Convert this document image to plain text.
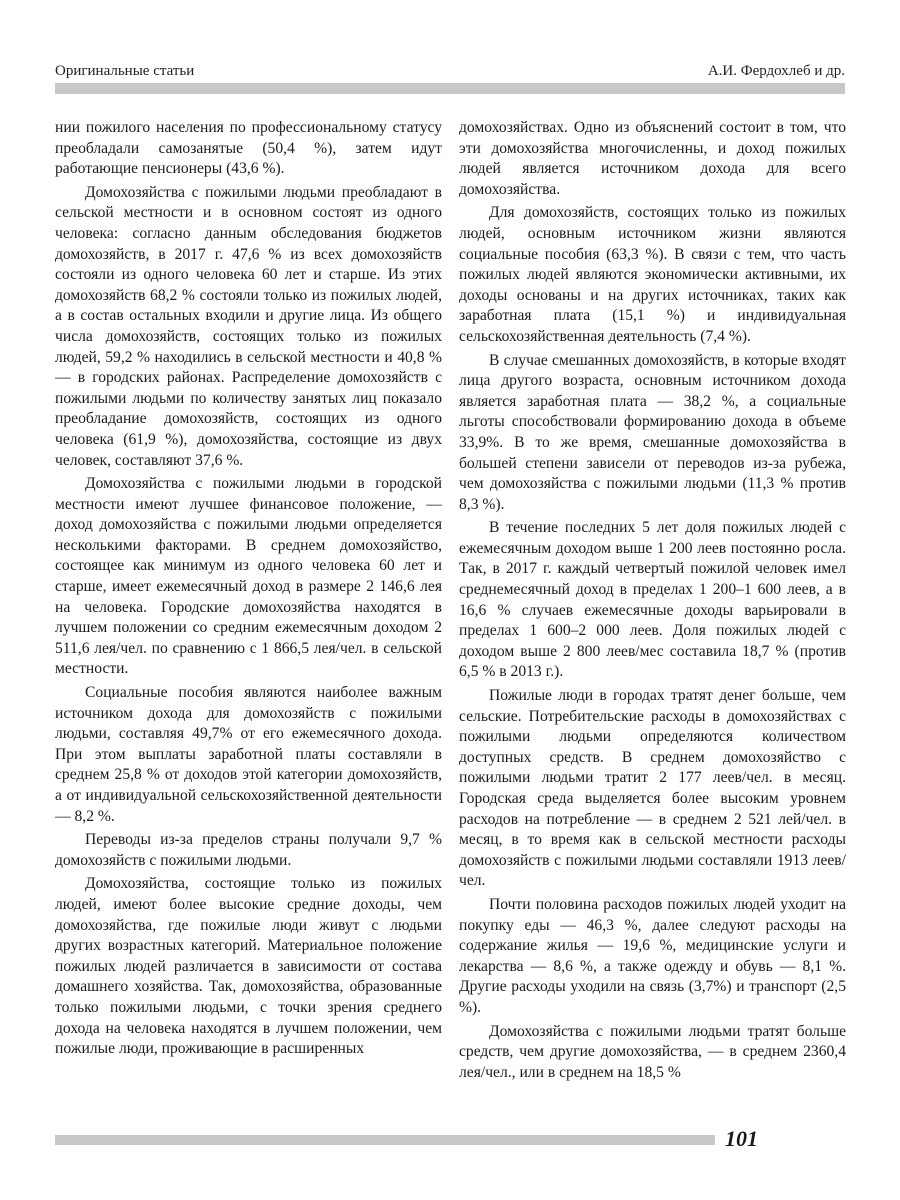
Оригинальные статьи	А.И. Фердохлеб и др.

нии пожилого населения по профессиональному статусу преобладали самозанятые (50,4 %), затем идут работающие пенсионеры (43,6 %).

Домохозяйства с пожилыми людьми преобладают в сельской местности и в основном состоят из одного человека: согласно данным обследования бюджетов домохозяйств, в 2017 г. 47,6 % из всех домохозяйств состояли из одного человека 60 лет и старше. Из этих домохозяйств 68,2 % состояли только из пожилых людей, а в состав остальных входили и другие лица. Из общего числа домохозяйств, состоящих только из пожилых людей, 59,2 % находились в сельской местности и 40,8 % — в городских районах. Распределение домохозяйств с пожилыми людьми по количеству занятых лиц показало преобладание домохозяйств, состоящих из одного человека (61,9 %), домохозяйства, состоящие из двух человек, составляют 37,6 %.

Домохозяйства с пожилыми людьми в городской местности имеют лучшее финансовое положение, — доход домохозяйства с пожилыми людьми определяется несколькими факторами. В среднем домохозяйство, состоящее как минимум из одного человека 60 лет и старше, имеет ежемесячный доход в размере 2 146,6 лея на человека. Городские домохозяйства находятся в лучшем положении со средним ежемесячным доходом 2 511,6 лея/чел. по сравнению с 1 866,5 лея/чел. в сельской местности.

Социальные пособия являются наиболее важным источником дохода для домохозяйств с пожилыми людьми, составляя 49,7% от его ежемесячного дохода. При этом выплаты заработной платы составляли в среднем 25,8 % от доходов этой категории домохозяйств, а от индивидуальной сельскохозяйственной деятельности — 8,2 %.

Переводы из-за пределов страны получали 9,7 % домохозяйств с пожилыми людьми.

Домохозяйства, состоящие только из пожилых людей, имеют более высокие средние доходы, чем домохозяйства, где пожилые люди живут с людьми других возрастных категорий. Материальное положение пожилых людей различается в зависимости от состава домашнего хозяйства. Так, домохозяйства, образованные только пожилыми людьми, с точки зрения среднего дохода на человека находятся в лучшем положении, чем пожилые люди, проживающие в расширенных

домохозяйствах. Одно из объяснений состоит в том, что эти домохозяйства многочисленны, и доход пожилых людей является источником дохода для всего домохозяйства.

Для домохозяйств, состоящих только из пожилых людей, основным источником жизни являются социальные пособия (63,3 %). В связи с тем, что часть пожилых людей являются экономически активными, их доходы основаны и на других источниках, таких как заработная плата (15,1 %) и индивидуальная сельскохозяйственная деятельность (7,4 %).

В случае смешанных домохозяйств, в которые входят лица другого возраста, основным источником дохода является заработная плата — 38,2 %, а социальные льготы способствовали формированию дохода в объеме 33,9%. В то же время, смешанные домохозяйства в большей степени зависели от переводов из-за рубежа, чем домохозяйства с пожилыми людьми (11,3 % против 8,3 %).

В течение последних 5 лет доля пожилых людей с ежемесячным доходом выше 1 200 леев постоянно росла. Так, в 2017 г. каждый четвертый пожилой человек имел среднемесячный доход в пределах 1 200–1 600 леев, а в 16,6 % случаев ежемесячные доходы варьировали в пределах 1 600–2 000 леев. Доля пожилых людей с доходом выше 2 800 леев/мес составила 18,7 % (против 6,5 % в 2013 г.).

Пожилые люди в городах тратят денег больше, чем сельские. Потребительские расходы в домохозяйствах с пожилыми людьми определяются количеством доступных средств. В среднем домохозяйство с пожилыми людьми тратит 2 177 леев/чел. в месяц. Городская среда выделяется более высоким уровнем расходов на потребление — в среднем 2 521 лей/чел. в месяц, в то время как в сельской местности расходы домохозяйств с пожилыми людьми составляли 1913 леев/чел.

Почти половина расходов пожилых людей уходит на покупку еды — 46,3 %, далее следуют расходы на содержание жилья — 19,6 %, медицинские услуги и лекарства — 8,6 %, а также одежду и обувь — 8,1 %. Другие расходы уходили на связь (3,7%) и транспорт (2,5 %).

Домохозяйства с пожилыми людьми тратят больше средств, чем другие домохозяйства, — в среднем 2360,4 лея/чел., или в среднем на 18,5 %

101
